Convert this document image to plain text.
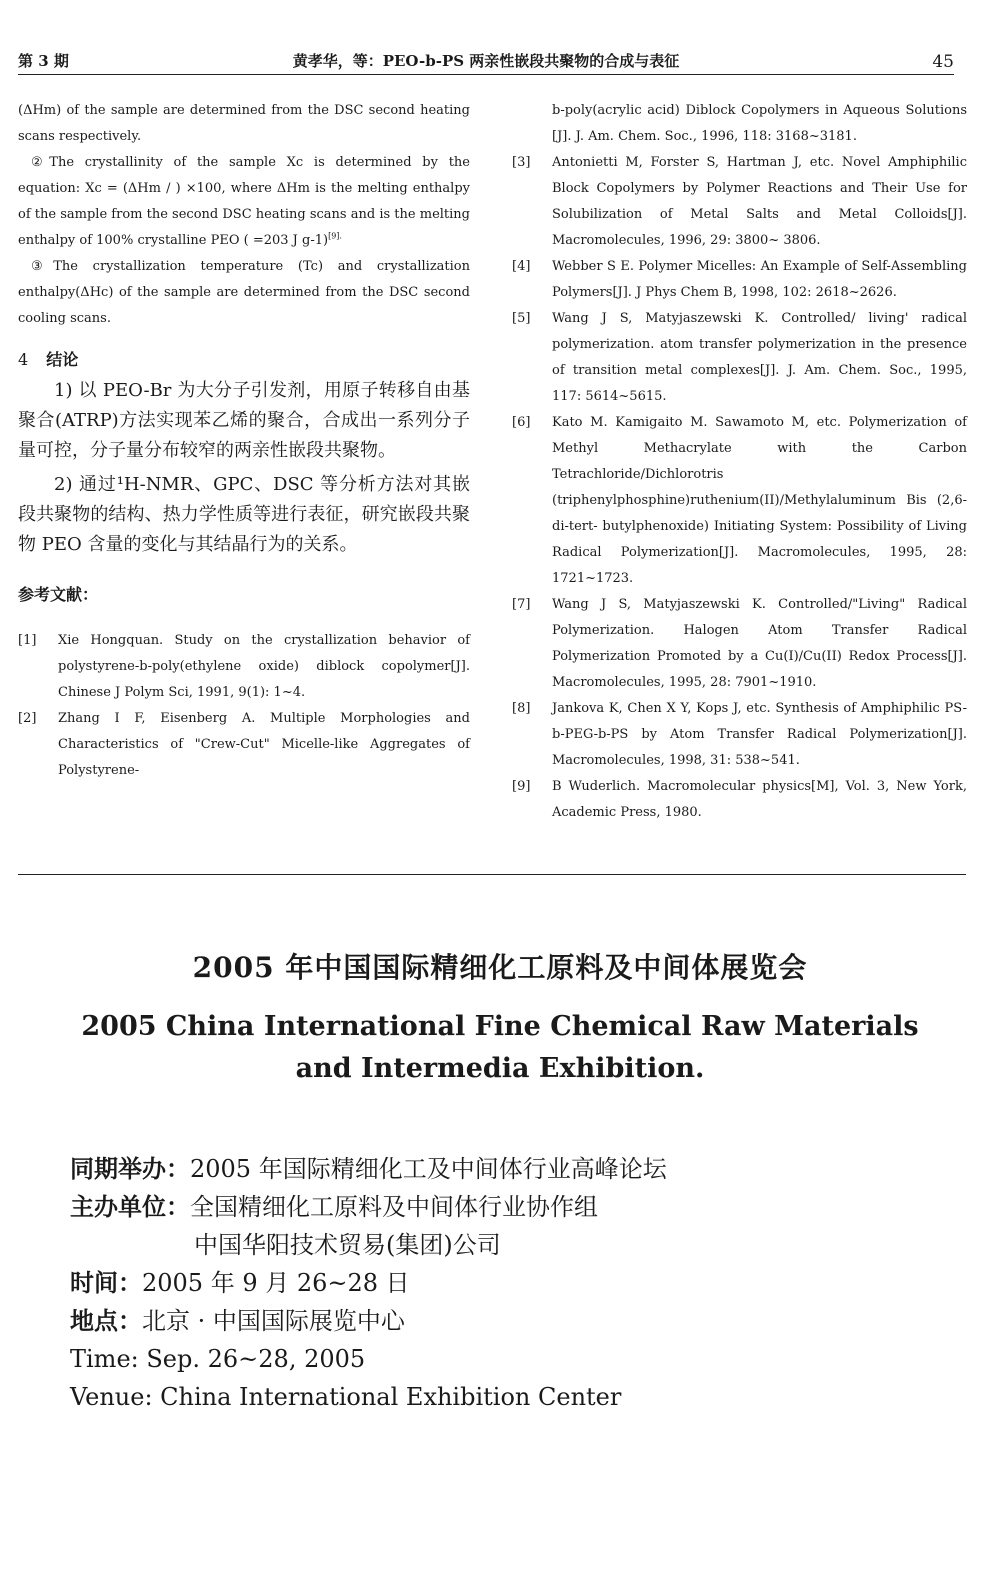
第 3 期	黄孝华，等：PEO-b-PS 两亲性嵌段共聚物的合成与表征	45
(ΔHm) of the sample are determined from the DSC second heating scans respectively.
②The crystallinity of the sample Xc is determined by the equation: Xc = (ΔHm / ) ×100, where ΔHm is the melting enthalpy of the sample from the second DSC heating scans and is the melting enthalpy of 100% crystalline PEO ( =203 J g-1)$^{[9].}$
③The crystallization temperature (Tc) and crystallization enthalpy(ΔHc) of the sample are determined from the DSC second cooling scans.
4 结论
1) 以 PEO-Br 为大分子引发剂，用原子转移自由基聚合(ATRP)方法实现苯乙烯的聚合，合成出一系列分子量可控，分子量分布较窄的两亲性嵌段共聚物。
2) 通过¹H-NMR、GPC、DSC 等分析方法对其嵌段共聚物的结构、热力学性质等进行表征，研究嵌段共聚物 PEO 含量的变化与其结晶行为的关系。
参考文献：
[1]	Xie Hongquan. Study on the crystallization behavior of polystyrene-b-poly(ethylene oxide) diblock copolymer[J]. Chinese J Polym Sci, 1991, 9(1): 1~4.
[2]	Zhang I F, Eisenberg A. Multiple Morphologies and Characteristics of "Crew-Cut" Micelle-like Aggregates of Polystyrene-
b-poly(acrylic acid) Diblock Copolymers in Aqueous Solutions [J]. J. Am. Chem. Soc., 1996, 118: 3168~3181.
[3]	Antonietti M, Forster S, Hartman J, etc. Novel Amphiphilic Block Copolymers by Polymer Reactions and Their Use for Solubilization of Metal Salts and Metal Colloids[J]. Macromolecules, 1996, 29: 3800~ 3806.
[4]	Webber S E. Polymer Micelles: An Example of Self-Assembling Polymers[J]. J Phys Chem B, 1998, 102: 2618~2626.
[5]	Wang J S, Matyjaszewski K. Controlled/ living' radical polymerization. atom transfer polymerization in the presence of transition metal complexes[J]. J. Am. Chem. Soc., 1995, 117: 5614~5615.
[6]	Kato M. Kamigaito M. Sawamoto M, etc. Polymerization of Methyl Methacrylate with the Carbon Tetrachloride/Dichlorotris (triphenylphosphine)ruthenium(II)/Methylaluminum Bis (2,6-di-tert- butylphenoxide) Initiating System: Possibility of Living Radical Polymerization[J]. Macromolecules, 1995, 28: 1721~1723.
[7]	Wang J S, Matyjaszewski K. Controlled/"Living" Radical Polymerization. Halogen Atom Transfer Radical Polymerization Promoted by a Cu(I)/Cu(II) Redox Process[J]. Macromolecules, 1995, 28: 7901~1910.
[8]	Jankova K, Chen X Y, Kops J, etc. Synthesis of Amphiphilic PS-b-PEG-b-PS by Atom Transfer Radical Polymerization[J]. Macromolecules, 1998, 31: 538~541.
[9]	B Wuderlich. Macromolecular physics[M], Vol. 3, New York, Academic Press, 1980.
2005 年中国国际精细化工原料及中间体展览会
2005 China International Fine Chemical Raw Materials and Intermedia Exhibition.
同期举办：2005 年国际精细化工及中间体行业高峰论坛
主办单位：全国精细化工原料及中间体行业协作组
中国华阳技术贸易(集团)公司
时间：2005 年 9 月 26~28 日
地点：北京 · 中国国际展览中心
Time: Sep. 26~28, 2005
Venue: China International Exhibition Center
